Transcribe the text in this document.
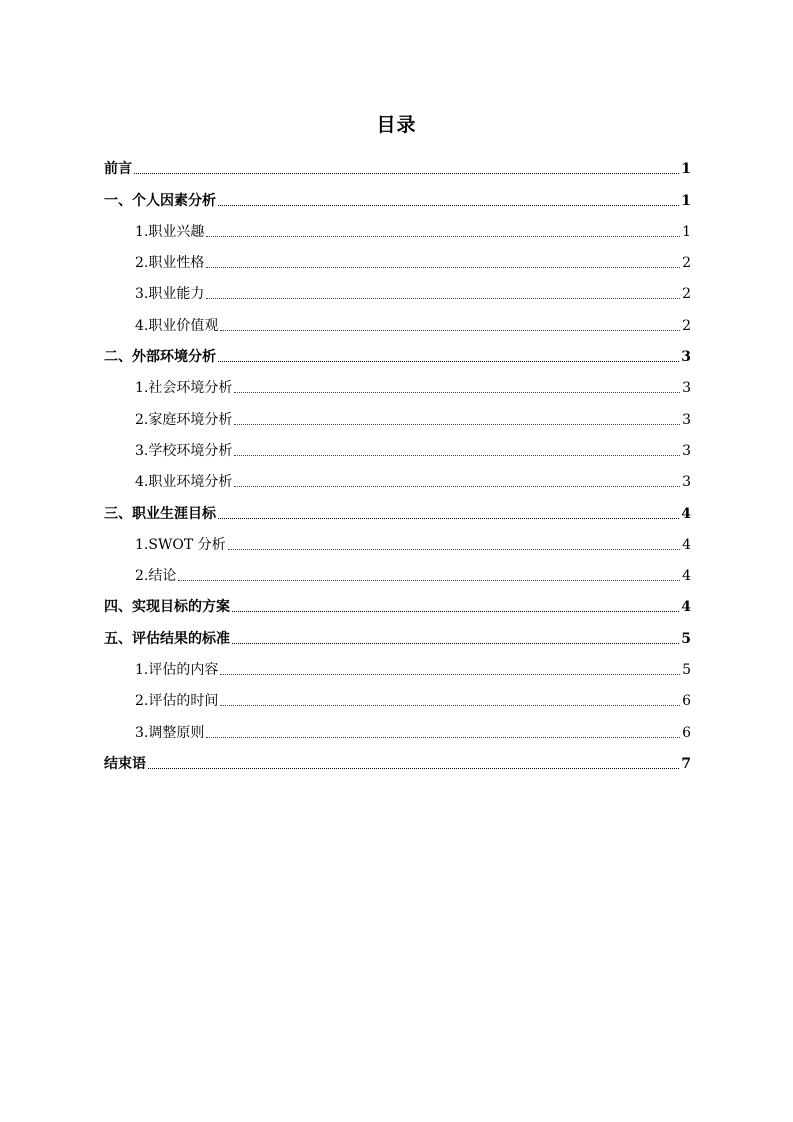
目录
前言	1
一、个人因素分析	1
1.职业兴趣	1
2.职业性格	2
3.职业能力	2
4.职业价值观	2
二、外部环境分析	3
1.社会环境分析	3
2.家庭环境分析	3
3.学校环境分析	3
4.职业环境分析	3
三、职业生涯目标	4
1.SWOT 分析	4
2.结论	4
四、实现目标的方案	4
五、评估结果的标准	5
1.评估的内容	5
2.评估的时间	6
3.调整原则	6
结束语	7
